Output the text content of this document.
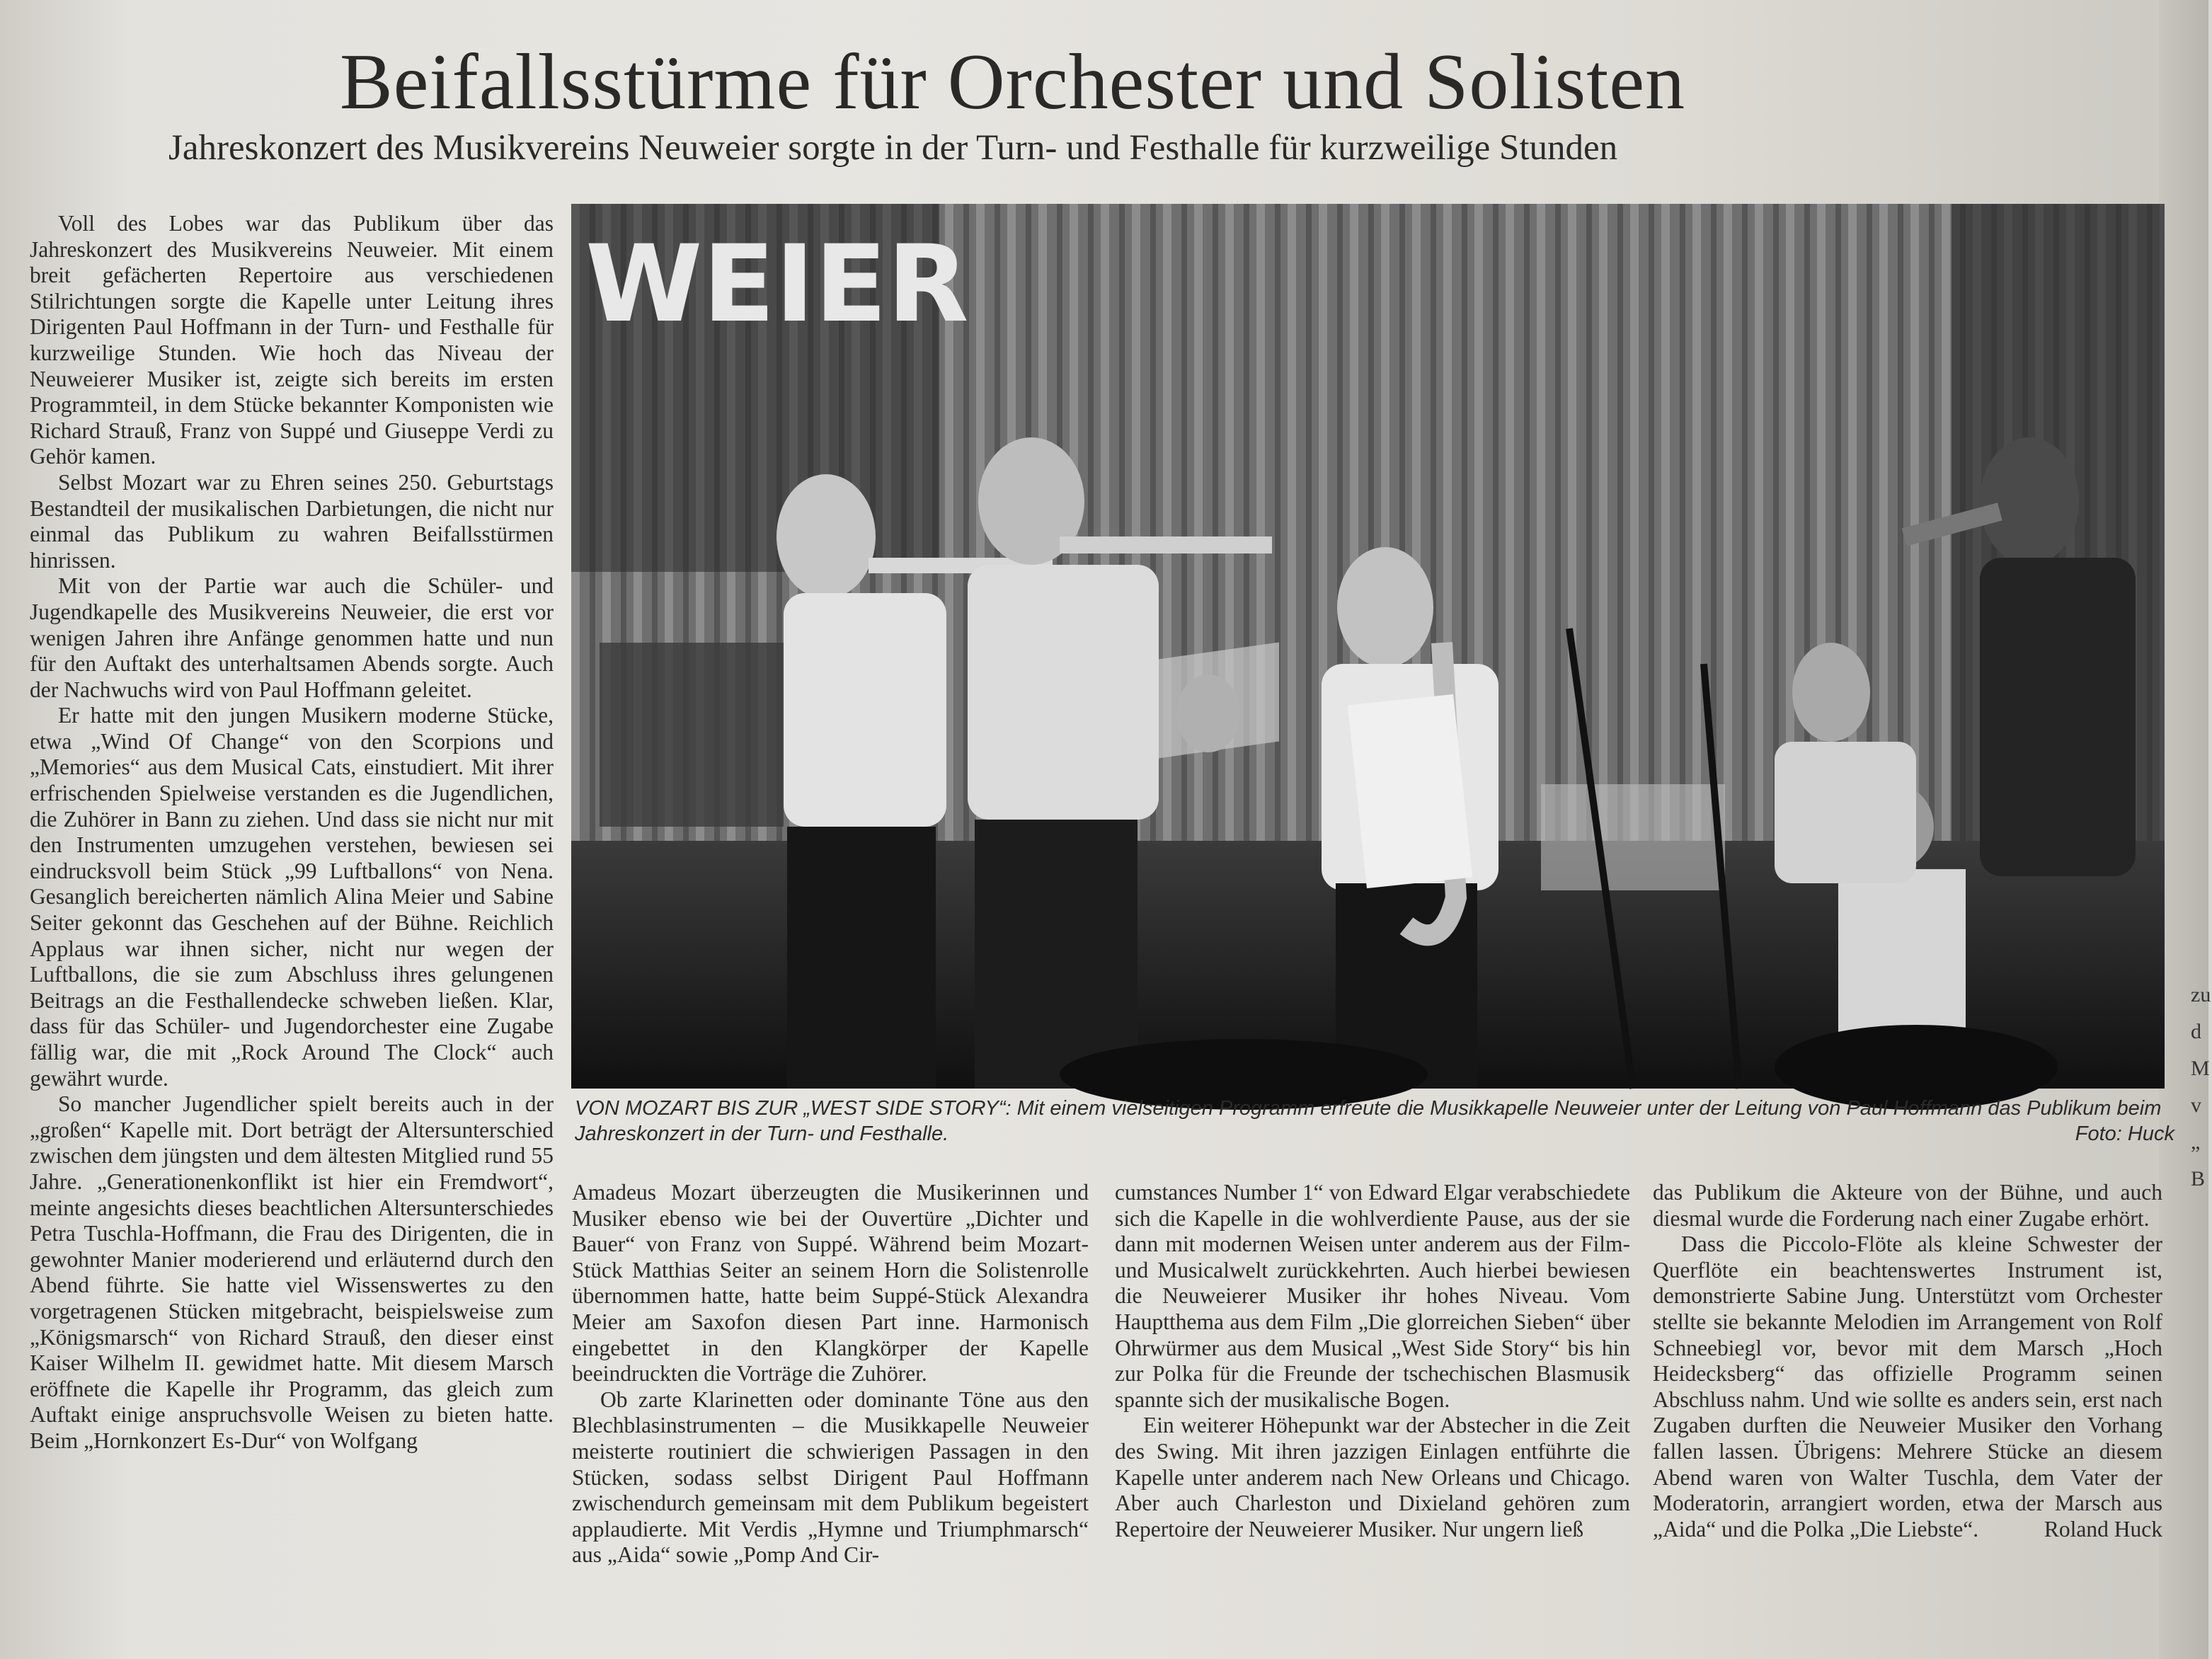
zu
d
M
v
„
B
Beifallsstürme für Orchester und Solisten
Jahreskonzert des Musikvereins Neuweier sorgte in der Turn- und Festhalle für kurzweilige Stunden

Voll des Lobes war das Publikum über das Jahreskonzert des Musikvereins Neuweier. Mit einem breit gefächerten Repertoire aus verschiedenen Stilrichtungen sorgte die Kapelle unter Leitung ihres Dirigenten Paul Hoffmann in der Turn- und Festhalle für kurzweilige Stunden. Wie hoch das Niveau der Neuweierer Musiker ist, zeigte sich bereits im ersten Programmteil, in dem Stücke bekannter Komponisten wie Richard Strauß, Franz von Suppé und Giuseppe Verdi zu Gehör kamen.

Selbst Mozart war zu Ehren seines 250. Geburtstags Bestandteil der musikalischen Darbietungen, die nicht nur einmal das Publikum zu wahren Beifallsstürmen hinrissen.

Mit von der Partie war auch die Schüler- und Jugendkapelle des Musikvereins Neuweier, die erst vor wenigen Jahren ihre Anfänge genommen hatte und nun für den Auftakt des unterhaltsamen Abends sorgte. Auch der Nachwuchs wird von Paul Hoffmann geleitet.

Er hatte mit den jungen Musikern moderne Stücke, etwa „Wind Of Change“ von den Scorpions und „Memories“ aus dem Musical Cats, einstudiert. Mit ihrer erfrischenden Spielweise verstanden es die Jugendlichen, die Zuhörer in Bann zu ziehen. Und dass sie nicht nur mit den Instrumenten umzugehen verstehen, bewiesen sei eindrucksvoll beim Stück „99 Luftballons“ von Nena. Gesanglich bereicherten nämlich Alina Meier und Sabine Seiter gekonnt das Geschehen auf der Bühne. Reichlich Applaus war ihnen sicher, nicht nur wegen der Luftballons, die sie zum Abschluss ihres gelungenen Beitrags an die Festhallendecke schweben ließen. Klar, dass für das Schüler- und Jugendorchester eine Zugabe fällig war, die mit „Rock Around The Clock“ auch gewährt wurde.

So mancher Jugendlicher spielt bereits auch in der „großen“ Kapelle mit. Dort beträgt der Altersunterschied zwischen dem jüngsten und dem ältesten Mitglied rund 55 Jahre. „Generationenkonflikt ist hier ein Fremdwort“, meinte angesichts dieses beachtlichen Altersunterschiedes Petra Tuschla-Hoffmann, die Frau des Dirigenten, die in gewohnter Manier moderierend und erläuternd durch den Abend führte. Sie hatte viel Wissenswertes zu den vorgetragenen Stücken mitgebracht, beispielsweise zum „Königsmarsch“ von Richard Strauß, den dieser einst Kaiser Wilhelm II. gewidmet hatte. Mit diesem Marsch eröffnete die Kapelle ihr Programm, das gleich zum Auftakt einige anspruchsvolle Weisen zu bieten hatte. Beim „Hornkonzert Es-Dur“ von Wolfgang

WEIER
VON MOZART BIS ZUR „WEST SIDE STORY“: Mit einem vielseitigen Programm erfreute die Musikkapelle Neuweier unter der Leitung von Paul Hoffmann das Publikum beim Jahreskonzert in der Turn- und Festhalle.	Foto: Huck

Amadeus Mozart überzeugten die Musikerinnen und Musiker ebenso wie bei der Ouvertüre „Dichter und Bauer“ von Franz von Suppé. Während beim Mozart-Stück Matthias Seiter an seinem Horn die Solistenrolle übernommen hatte, hatte beim Suppé-Stück Alexandra Meier am Saxofon diesen Part inne. Harmonisch eingebettet in den Klangkörper der Kapelle beeindruckten die Vorträge die Zuhörer.

Ob zarte Klarinetten oder dominante Töne aus den Blechblasinstrumenten – die Musikkapelle Neuweier meisterte routiniert die schwierigen Passagen in den Stücken, sodass selbst Dirigent Paul Hoffmann zwischendurch gemeinsam mit dem Publikum begeistert applaudierte. Mit Verdis „Hymne und Triumphmarsch“ aus „Aida“ sowie „Pomp And Cir-

cumstances Number 1“ von Edward Elgar verabschiedete sich die Kapelle in die wohlverdiente Pause, aus der sie dann mit modernen Weisen unter anderem aus der Film- und Musicalwelt zurückkehrten. Auch hierbei bewiesen die Neuweierer Musiker ihr hohes Niveau. Vom Hauptthema aus dem Film „Die glorreichen Sieben“ über Ohrwürmer aus dem Musical „West Side Story“ bis hin zur Polka für die Freunde der tschechischen Blasmusik spannte sich der musikalische Bogen.

Ein weiterer Höhepunkt war der Abstecher in die Zeit des Swing. Mit ihren jazzigen Einlagen entführte die Kapelle unter anderem nach New Orleans und Chicago. Aber auch Charleston und Dixieland gehören zum Repertoire der Neuweierer Musiker. Nur ungern ließ

das Publikum die Akteure von der Bühne, und auch diesmal wurde die Forderung nach einer Zugabe erhört.

Dass die Piccolo-Flöte als kleine Schwester der Querflöte ein beachtenswertes Instrument ist, demonstrierte Sabine Jung. Unterstützt vom Orchester stellte sie bekannte Melodien im Arrangement von Rolf Schneebiegl vor, bevor mit dem Marsch „Hoch Heidecksberg“ das offizielle Programm seinen Abschluss nahm. Und wie sollte es anders sein, erst nach Zugaben durften die Neuweier Musiker den Vorhang fallen lassen. Übrigens: Mehrere Stücke an diesem Abend waren von Walter Tuschla, dem Vater der Moderatorin, arrangiert worden, etwa der Marsch aus „Aida“ und die Polka „Die Liebste“.	Roland Huck
